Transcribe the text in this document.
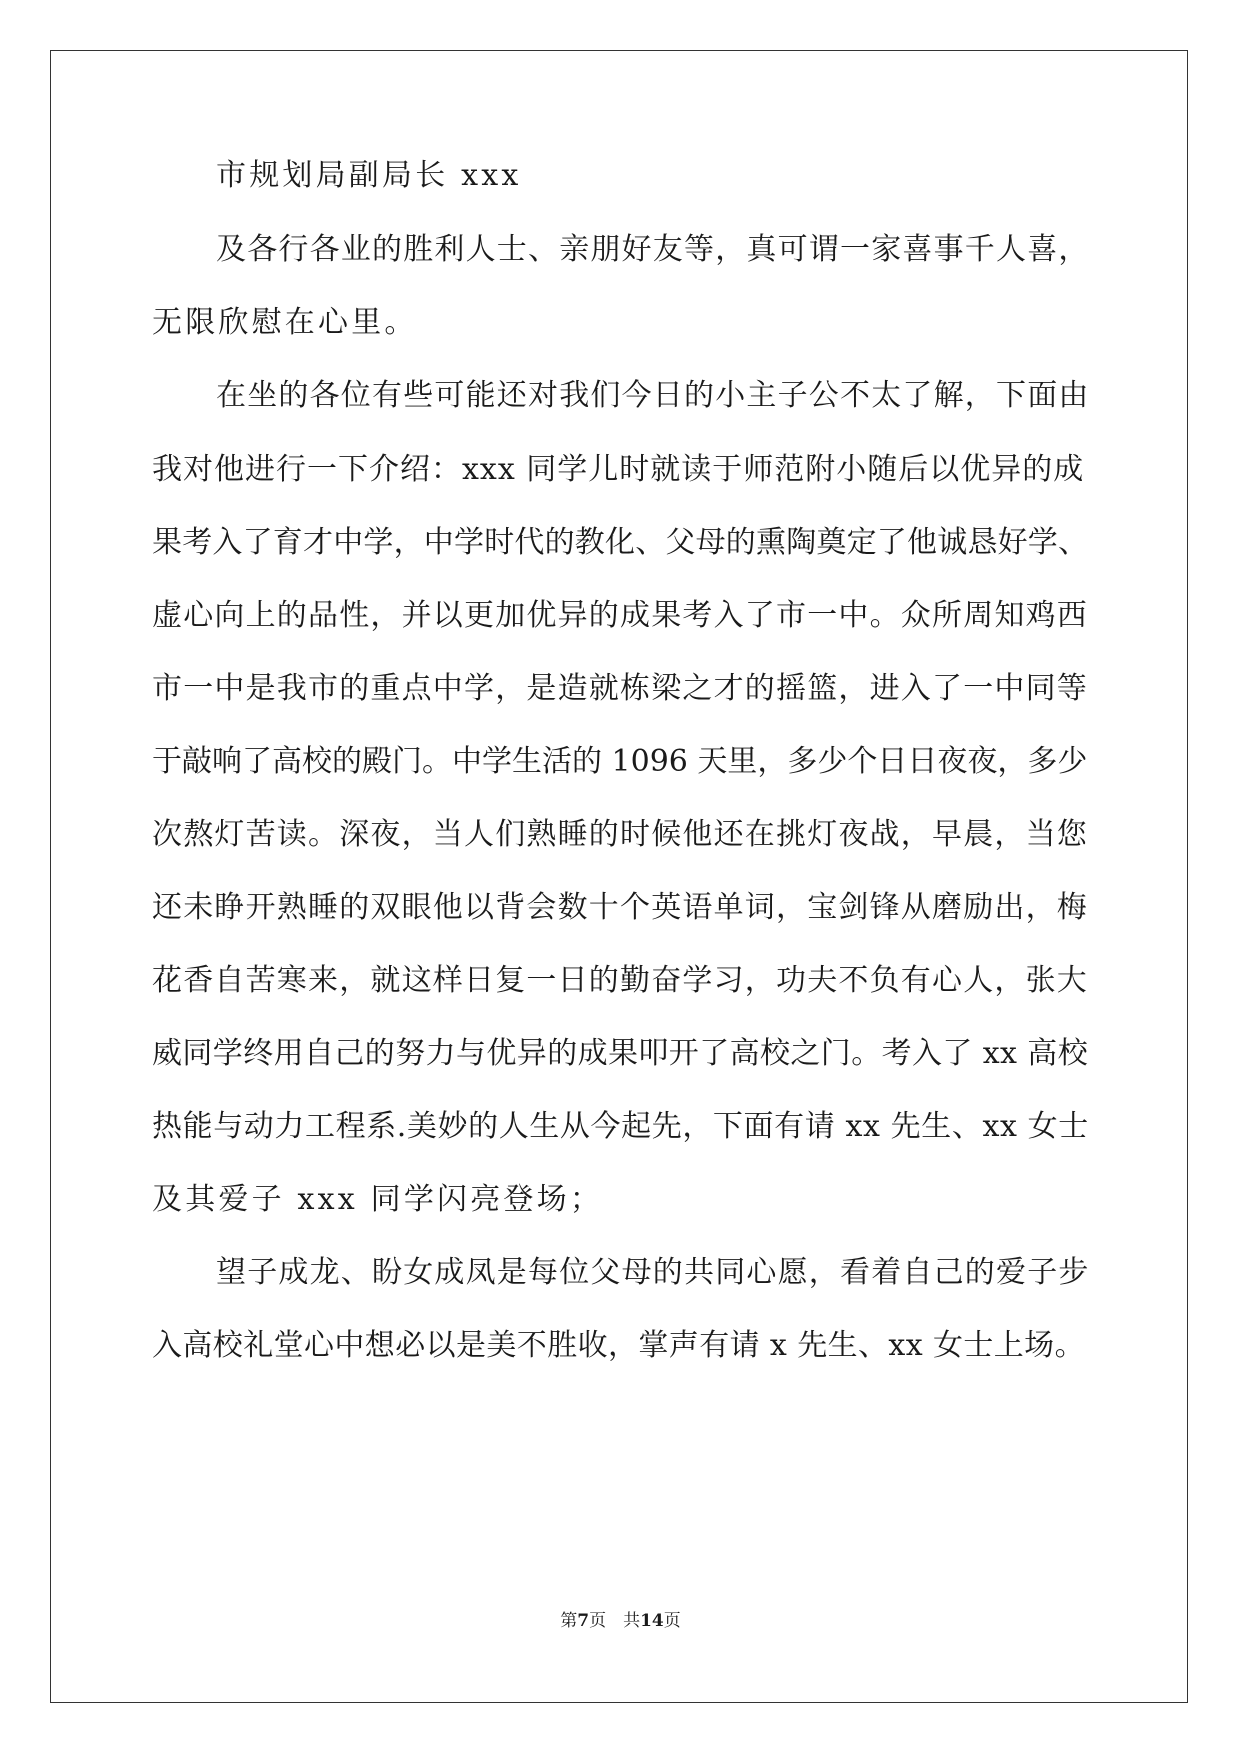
市规划局副局长 xxx
及各行各业的胜利人士、亲朋好友等，真可谓一家喜事千人喜，
无限欣慰在心里。
在坐的各位有些可能还对我们今日的小主子公不太了解，下面由
我对他进行一下介绍：xxx 同学儿时就读于师范附小随后以优异的成
果考入了育才中学，中学时代的教化、父母的熏陶奠定了他诚恳好学、
虚心向上的品性，并以更加优异的成果考入了市一中。众所周知鸡西
市一中是我市的重点中学，是造就栋梁之才的摇篮，进入了一中同等
于敲响了高校的殿门。中学生活的 1096 天里，多少个日日夜夜，多少
次熬灯苦读。深夜，当人们熟睡的时候他还在挑灯夜战，早晨，当您
还未睁开熟睡的双眼他以背会数十个英语单词，宝剑锋从磨励出，梅
花香自苦寒来，就这样日复一日的勤奋学习，功夫不负有心人，张大
威同学终用自己的努力与优异的成果叩开了高校之门。考入了 xx 高校
热能与动力工程系.美妙的人生从今起先，下面有请 xx 先生、xx 女士
及其爱子 xxx 同学闪亮登场；
望子成龙、盼女成凤是每位父母的共同心愿，看着自己的爱子步
入高校礼堂心中想必以是美不胜收，掌声有请 x 先生、xx 女士上场。
第7页　共14页
